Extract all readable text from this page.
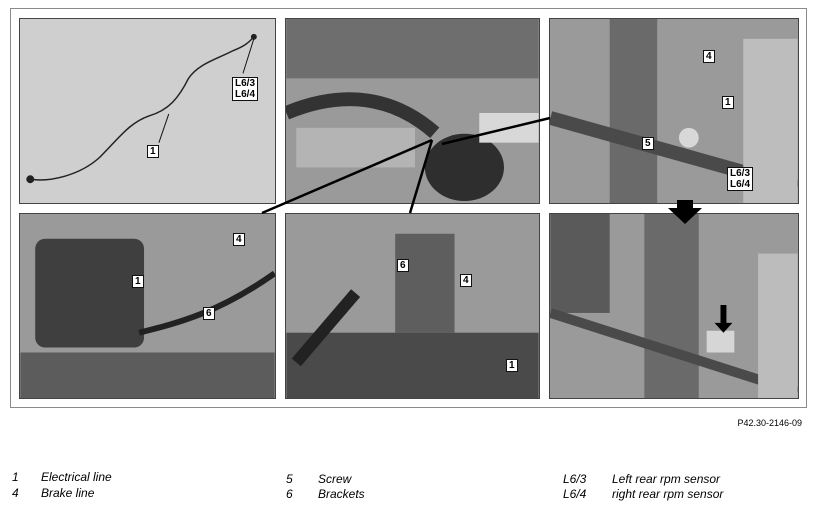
L6/3
L6/4
1
4
1
5
L6/3
L6/4
4
1
6
6
4
1
P42.30-2146-09
1 Electrical line
4 Brake line
5 Screw
6 Brackets
L6/3 Left rear rpm sensor
L6/4 right rear rpm sensor
